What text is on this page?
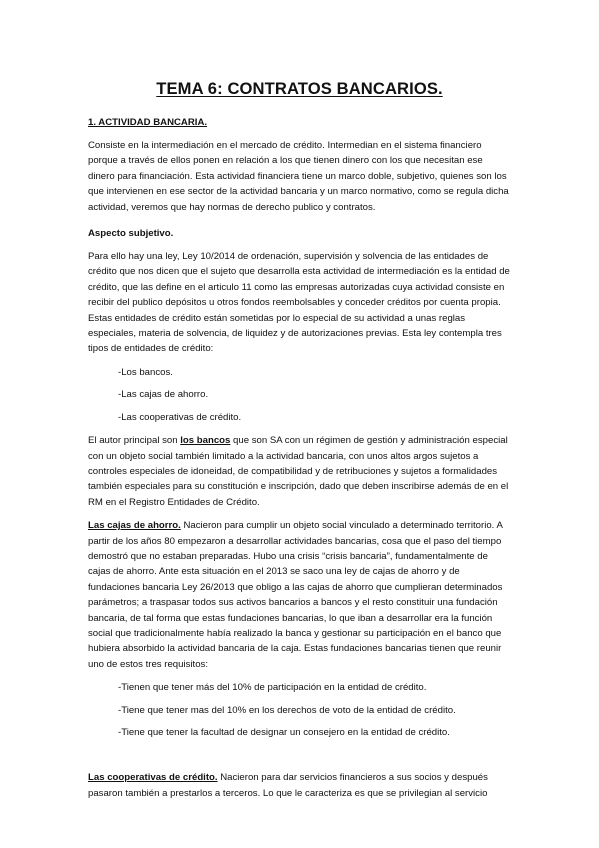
TEMA 6: CONTRATOS BANCARIOS.
1. ACTIVIDAD BANCARIA.

Consiste en la intermediación en el mercado de crédito. Intermedian en el sistema financiero porque a través de ellos ponen en relación a los que tienen dinero con los que necesitan ese dinero para financiación. Esta actividad financiera tiene un marco doble, subjetivo, quienes son los que intervienen en ese sector de la actividad bancaria y un marco normativo, como se regula dicha actividad, veremos que hay normas de derecho publico y contratos.

Aspecto subjetivo.

Para ello hay una ley, Ley 10/2014 de ordenación, supervisión y solvencia de las entidades de crédito que nos dicen que el sujeto que desarrolla esta actividad de intermediación es la entidad de crédito, que las define en el articulo 11 como las empresas autorizadas cuya actividad consiste en recibir del publico depósitos u otros fondos reembolsables y conceder créditos por cuenta propia. Estas entidades de crédito están sometidas por lo especial de su actividad a unas reglas especiales, materia de solvencia, de liquidez y de autorizaciones previas. Esta ley contempla tres tipos de entidades de crédito:

-Los bancos.
-Las cajas de ahorro.
-Las cooperativas de crédito.

El autor principal son los bancos que son SA con un régimen de gestión y administración especial con un objeto social también limitado a la actividad bancaria, con unos altos argos sujetos a controles especiales de idoneidad, de compatibilidad y de retribuciones y sujetos a formalidades también especiales para su constitución e inscripción, dado que deben inscribirse además de en el RM en el Registro Entidades de Crédito.

Las cajas de ahorro. Nacieron para cumplir un objeto social vinculado a determinado territorio. A partir de los años 80 empezaron a desarrollar actividades bancarias, cosa que el paso del tiempo demostró que no estaban preparadas. Hubo una crisis “crisis bancaria”, fundamentalmente de cajas de ahorro. Ante esta situación en el 2013 se saco una ley de cajas de ahorro y de fundaciones bancaria Ley 26/2013 que obligo a las cajas de ahorro que cumplieran determinados parámetros; a traspasar todos sus activos bancarios a bancos y el resto constituir una fundación bancaria, de tal forma que estas fundaciones bancarias, lo que iban a desarrollar era la función social que tradicionalmente había realizado la banca y gestionar su participación en el banco que hubiera absorbido la actividad bancaria de la caja. Estas fundaciones bancarias tienen que reunir uno de estos tres requisitos:

-Tienen que tener más del 10% de participación en la entidad de crédito.
-Tiene que tener mas del 10% en los derechos de voto de la entidad de crédito.
-Tiene que tener la facultad de designar un consejero en la entidad de crédito.

Las cooperativas de crédito. Nacieron para dar servicios financieros a sus socios y después pasaron también a prestarlos a terceros. Lo que le caracteriza es que se privilegian al servicio
